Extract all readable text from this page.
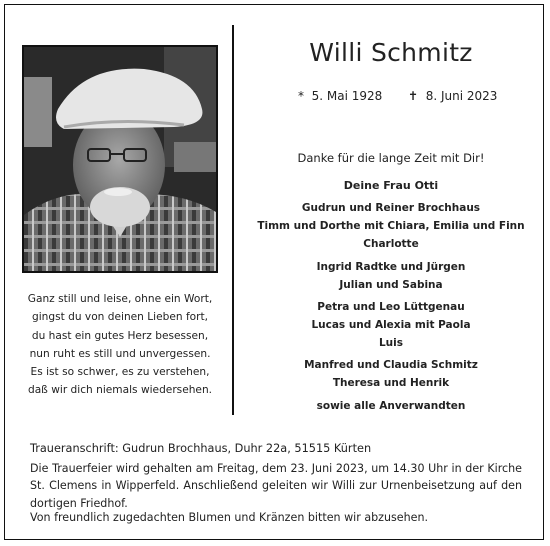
Ganz still und leise, ohne ein Wort,
gingst du von deinen Lieben fort,
du hast ein gutes Herz besessen,
nun ruht es still und unvergessen.
Es ist so schwer, es zu verstehen,
daß wir dich niemals wiedersehen.
Willi Schmitz
* 5. Mai 1928 ✝ 8. Juni 2023
Danke für die lange Zeit mit Dir!
Deine Frau Otti
Gudrun und Reiner Brochhaus
Timm und Dorthe mit Chiara, Emilia und Finn
Charlotte
Ingrid Radtke und Jürgen
Julian und Sabina
Petra und Leo Lüttgenau
Lucas und Alexia mit Paola
Luis
Manfred und Claudia Schmitz
Theresa und Henrik
sowie alle Anverwandten
Traueranschrift: Gudrun Brochhaus, Duhr 22a, 51515 Kürten
Die Trauerfeier wird gehalten am Freitag, dem 23. Juni 2023, um 14.30 Uhr in der Kirche St. Clemens in Wipperfeld. Anschließend geleiten wir Willi zur Urnenbeisetzung auf den dortigen Friedhof.
Von freundlich zugedachten Blumen und Kränzen bitten wir abzusehen.
